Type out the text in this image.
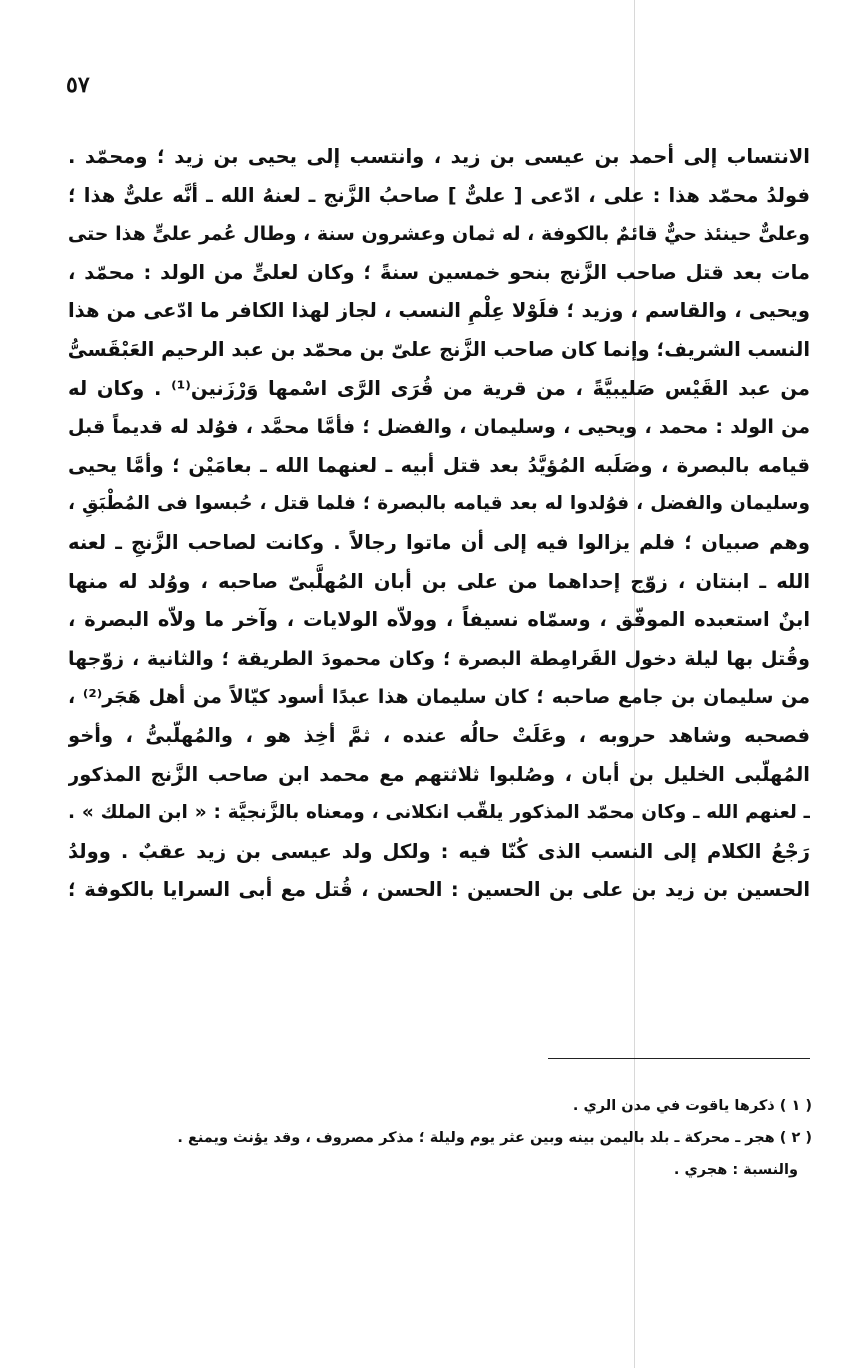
٥٧
الانتساب إلى أحمد بن عيسى بن زيد ، وانتسب إلى يحيى بن زيد ؛ ومحمّد .
فولدُ محمّد هذا : على ، ادّعى [ علىٌّ ] صاحبُ الزَّنج ـ لعنهُ الله ـ أنَّه علىٌّ هذا ؛
وعلىٌّ حينئذ حيٌّ قائمٌ بالكوفة ، له ثمان وعشرون سنة ، وطال عُمر علىٍّ هذا حتى
مات بعد قتل صاحب الزَّنج بنحو خمسين سنةً ؛ وكان لعلىٍّ من الولد : محمّد ،
ويحيى ، والقاسم ، وزيد ؛ فلَوْلا عِلْمِ النسب ، لجاز لهذا الكافر ما ادّعى من هذا
النسب الشريف؛ وإنما كان صاحب الزَّنج علىّ بن محمّد بن عبد الرحيم العَبْقَسىُّ
من عبد القَيْس صَليبيَّةً ، من قرية من قُرَى الرَّى اسْمها وَرْزَنين⁽¹⁾ . وكان له
من الولد : محمد ، ويحيى ، وسليمان ، والفضل ؛ فأمَّا محمَّد ، فوُلد له قديماً قبل
قيامه بالبصرة ، وصَلَبه المُؤيَّدُ بعد قتل أبيه ـ لعنهما الله ـ بعامَيْن ؛ وأمَّا يحيى
وسليمان والفضل ، فوُلدوا له بعد قيامه بالبصرة ؛ فلما قتل ، حُبسوا فى المُطْبَقِ ،
وهم صبيان ؛ فلم يزالوا فيه إلى أن ماتوا رجالاً . وكانت لصاحب الزَّنجِ ـ لعنه
الله ـ ابنتان ، زوّج إحداهما من على بن أبان المُهلَّبىّ صاحبه ، ووُلد له منها
ابنٌ استعبده الموفّق ، وسمّاه نسيفاً ، وولاّه الولايات ، وآخر ما ولاّه البصرة ،
وقُتل بها ليلة دخول القَرامِطة البصرة ؛ وكان محمودَ الطريقة ؛ والثانية ، زوّجها
من سليمان بن جامع صاحبه ؛ كان سليمان هذا عبدًا أسود كيّالاً من أهل هَجَر⁽²⁾ ،
فصحبه وشاهد حروبه ، وعَلَتْ حالُه عنده ، ثمَّ أخِذ هو ، والمُهلّبىُّ ، وأخو
المُهلّبى الخليل بن أبان ، وصُلبوا ثلاثتهم مع محمد ابن صاحب الزَّنج المذكور
ـ لعنهم الله ـ وكان محمّد المذكور يلقّب انكلانى ، ومعناه بالزَّنجيَّة : « ابن الملك » .
رَجْعُ الكلام إلى النسب الذى كُنّا فيه : ولكل ولد عيسى بن زيد عقبٌ . وولدُ
الحسين بن زيد بن على بن الحسين : الحسن ، قُتل مع أبى السرايا بالكوفة ؛
( ١ ) ذكرها ياقوت في مدن الري .
( ٢ ) هجر ـ محركة ـ بلد باليمن بينه وبين عثر يوم وليلة ؛ مذكر مصروف ، وقد يؤنث ويمنع .
والنسبة : هجري .
